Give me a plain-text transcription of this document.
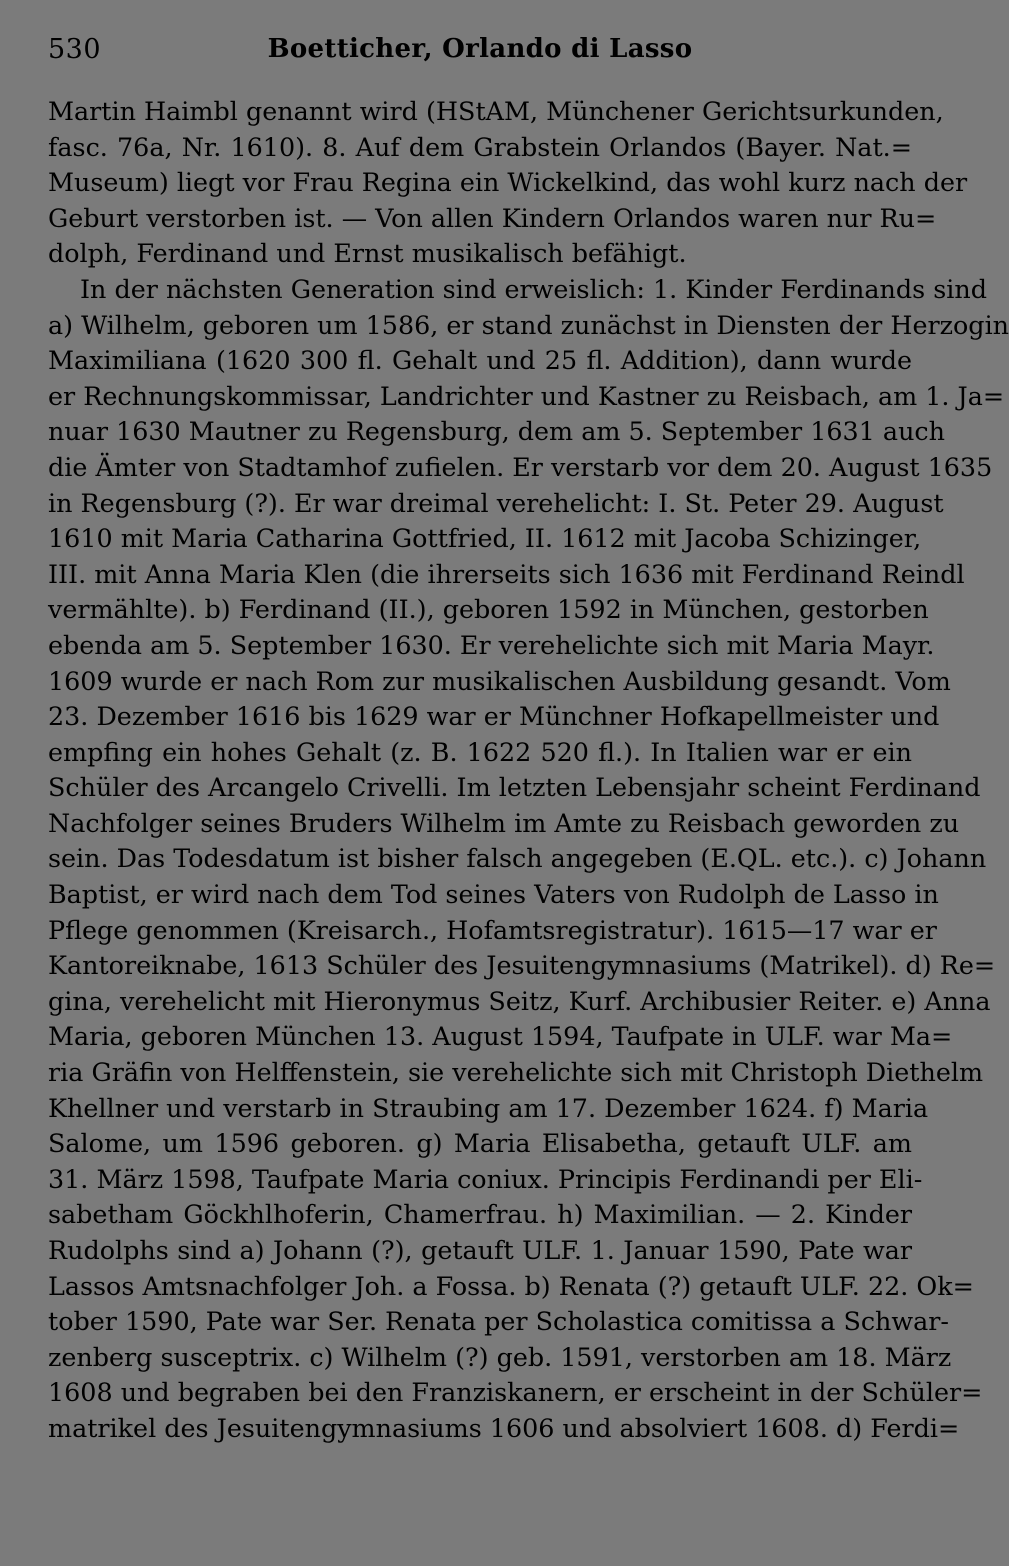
530	Boetticher, Orlando di Lasso
Martin Haimbl genannt wird (HStAM, Münchener Gerichtsurkunden,
fasc. 76a, Nr. 1610). 8. Auf dem Grabstein Orlandos (Bayer. Nat.=
Museum) liegt vor Frau Regina ein Wickelkind, das wohl kurz nach der
Geburt verstorben ist. — Von allen Kindern Orlandos waren nur Ru=
dolph, Ferdinand und Ernst musikalisch befähigt.
In der nächsten Generation sind erweislich: 1. Kinder Ferdinands sind
a) Wilhelm, geboren um 1586, er stand zunächst in Diensten der Herzogin
Maximiliana (1620 300 fl. Gehalt und 25 fl. Addition), dann wurde
er Rechnungskommissar, Landrichter und Kastner zu Reisbach, am 1. Ja=
nuar 1630 Mautner zu Regensburg, dem am 5. September 1631 auch
die Ämter von Stadtamhof zufielen. Er verstarb vor dem 20. August 1635
in Regensburg (?). Er war dreimal verehelicht: I. St. Peter 29. August
1610 mit Maria Catharina Gottfried, II. 1612 mit Jacoba Schizinger,
III. mit Anna Maria Klen (die ihrerseits sich 1636 mit Ferdinand Reindl
vermählte). b) Ferdinand (II.), geboren 1592 in München, gestorben
ebenda am 5. September 1630. Er verehelichte sich mit Maria Mayr.
1609 wurde er nach Rom zur musikalischen Ausbildung gesandt. Vom
23. Dezember 1616 bis 1629 war er Münchner Hofkapellmeister und
empfing ein hohes Gehalt (z. B. 1622 520 fl.). In Italien war er ein
Schüler des Arcangelo Crivelli. Im letzten Lebensjahr scheint Ferdinand
Nachfolger seines Bruders Wilhelm im Amte zu Reisbach geworden zu
sein. Das Todesdatum ist bisher falsch angegeben (E.QL. etc.). c) Johann
Baptist, er wird nach dem Tod seines Vaters von Rudolph de Lasso in
Pflege genommen (Kreisarch., Hofamtsregistratur). 1615—17 war er
Kantoreiknabe, 1613 Schüler des Jesuitengymnasiums (Matrikel). d) Re=
gina, verehelicht mit Hieronymus Seitz, Kurf. Archibusier Reiter. e) Anna
Maria, geboren München 13. August 1594, Taufpate in ULF. war Ma=
ria Gräfin von Helffenstein, sie verehelichte sich mit Christoph Diethelm
Khellner und verstarb in Straubing am 17. Dezember 1624. f) Maria
Salome, um 1596 geboren. g) Maria Elisabetha, getauft ULF. am
31. März 1598, Taufpate Maria coniux. Principis Ferdinandi per Eli-
sabetham Göckhlhoferin, Chamerfrau. h) Maximilian. — 2. Kinder
Rudolphs sind a) Johann (?), getauft ULF. 1. Januar 1590, Pate war
Lassos Amtsnachfolger Joh. a Fossa. b) Renata (?) getauft ULF. 22. Ok=
tober 1590, Pate war Ser. Renata per Scholastica comitissa a Schwar-
zenberg susceptrix. c) Wilhelm (?) geb. 1591, verstorben am 18. März
1608 und begraben bei den Franziskanern, er erscheint in der Schüler=
matrikel des Jesuitengymnasiums 1606 und absolviert 1608. d) Ferdi=
